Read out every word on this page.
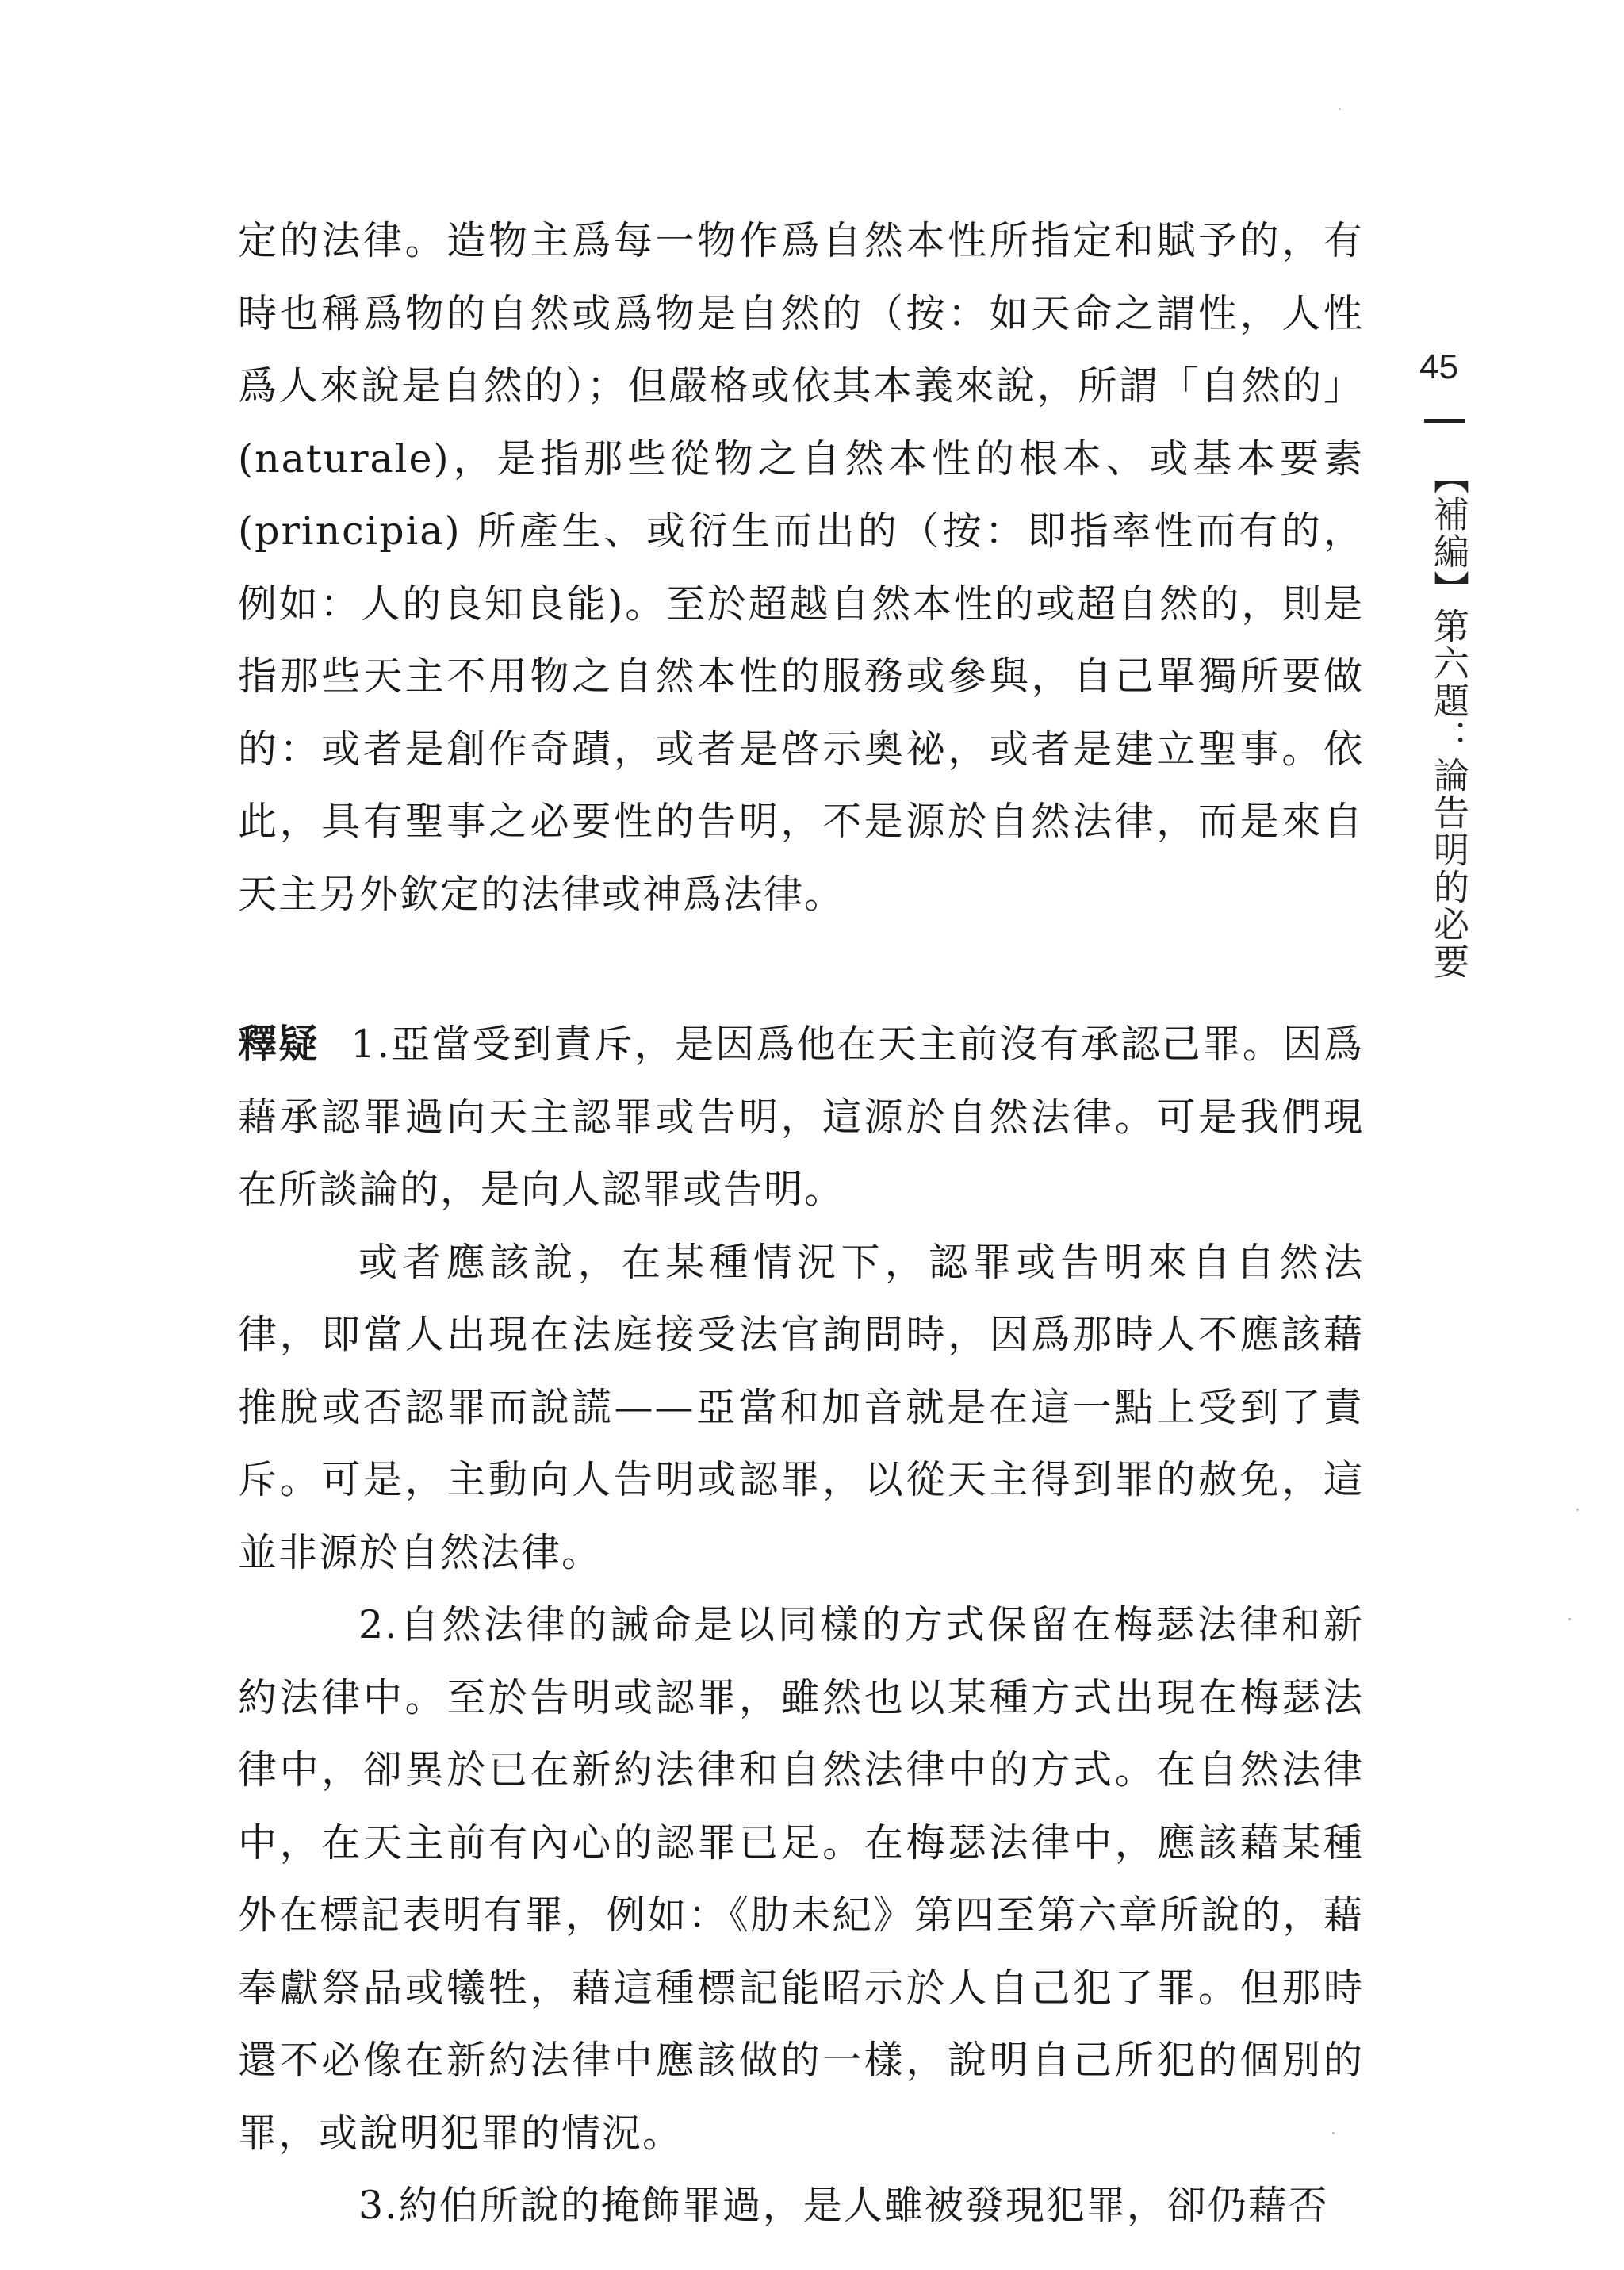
定的法律。造物主爲每一物作爲自然本性所指定和賦予的，有時也稱爲物的自然或爲物是自然的（按：如天命之謂性，人性爲人來說是自然的）；但嚴格或依其本義來說，所謂「自然的」(naturale)，是指那些從物之自然本性的根本、或基本要素(principia) 所產生、或衍生而出的（按：即指率性而有的，例如：人的良知良能)。至於超越自然本性的或超自然的，則是指那些天主不用物之自然本性的服務或參與，自己單獨所要做的：或者是創作奇蹟，或者是啓示奧祕，或者是建立聖事。依此，具有聖事之必要性的告明，不是源於自然法律，而是來自天主另外欽定的法律或神爲法律。

釋疑 1.亞當受到責斥，是因爲他在天主前沒有承認己罪。因爲藉承認罪過向天主認罪或告明，這源於自然法律。可是我們現在所談論的，是向人認罪或告明。

或者應該說，在某種情況下，認罪或告明來自自然法律，即當人出現在法庭接受法官詢問時，因爲那時人不應該藉推脫或否認罪而說謊——亞當和加音就是在這一點上受到了責斥。可是，主動向人告明或認罪，以從天主得到罪的赦免，這並非源於自然法律。

2.自然法律的誡命是以同樣的方式保留在梅瑟法律和新約法律中。至於告明或認罪，雖然也以某種方式出現在梅瑟法律中，卻異於已在新約法律和自然法律中的方式。在自然法律中，在天主前有內心的認罪已足。在梅瑟法律中，應該藉某種外在標記表明有罪，例如：《肋未紀》第四至第六章所說的，藉奉獻祭品或犧牲，藉這種標記能昭示於人自己犯了罪。但那時還不必像在新約法律中應該做的一樣，說明自己所犯的個別的罪，或說明犯罪的情況。

3.約伯所說的掩飾罪過，是人雖被發現犯罪，卻仍藉否

45
【補編】第六題：論告明的必要
